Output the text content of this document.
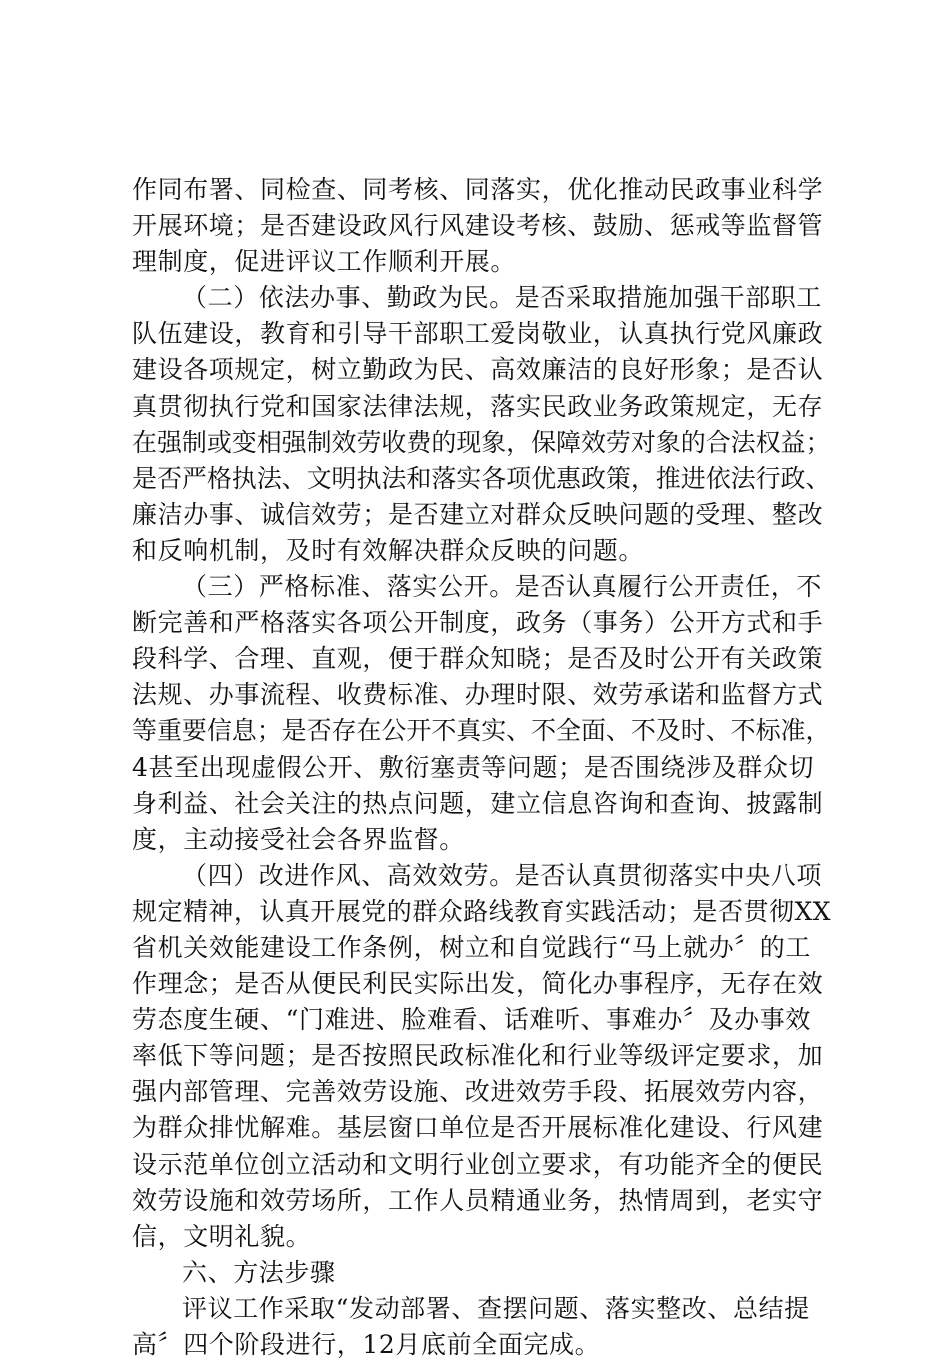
作同布署、同检查、同考核、同落实，优化推动民政事业科学
开展环境；是否建设政风行风建设考核、鼓励、惩戒等监督管
理制度，促进评议工作顺利开展。
（二）依法办事、勤政为民。是否采取措施加强干部职工
队伍建设，教育和引导干部职工爱岗敬业，认真执行党风廉政
建设各项规定，树立勤政为民、高效廉洁的良好形象；是否认
真贯彻执行党和国家法律法规，落实民政业务政策规定，无存
在强制或变相强制效劳收费的现象，保障效劳对象的合法权益；
是否严格执法、文明执法和落实各项优惠政策，推进依法行政、
廉洁办事、诚信效劳；是否建立对群众反映问题的受理、整改
和反响机制，及时有效解决群众反映的问题。
（三）严格标准、落实公开。是否认真履行公开责任，不
断完善和严格落实各项公开制度，政务（事务）公开方式和手
段科学、合理、直观，便于群众知晓；是否及时公开有关政策
法规、办事流程、收费标准、办理时限、效劳承诺和监督方式
等重要信息；是否存在公开不真实、不全面、不及时、不标准，
4甚至出现虚假公开、敷衍塞责等问题；是否围绕涉及群众切
身利益、社会关注的热点问题，建立信息咨询和查询、披露制
度，主动接受社会各界监督。
（四）改进作风、高效效劳。是否认真贯彻落实中央八项
规定精神，认真开展党的群众路线教育实践活动；是否贯彻XX
省机关效能建设工作条例，树立和自觉践行“马上就办〞的工
作理念；是否从便民利民实际出发，简化办事程序，无存在效
劳态度生硬、“门难进、脸难看、话难听、事难办〞及办事效
率低下等问题；是否按照民政标准化和行业等级评定要求，加
强内部管理、完善效劳设施、改进效劳手段、拓展效劳内容，
为群众排忧解难。基层窗口单位是否开展标准化建设、行风建
设示范单位创立活动和文明行业创立要求，有功能齐全的便民
效劳设施和效劳场所，工作人员精通业务，热情周到，老实守
信，文明礼貌。
六、方法步骤
评议工作采取“发动部署、查摆问题、落实整改、总结提
高〞四个阶段进行，12月底前全面完成。
